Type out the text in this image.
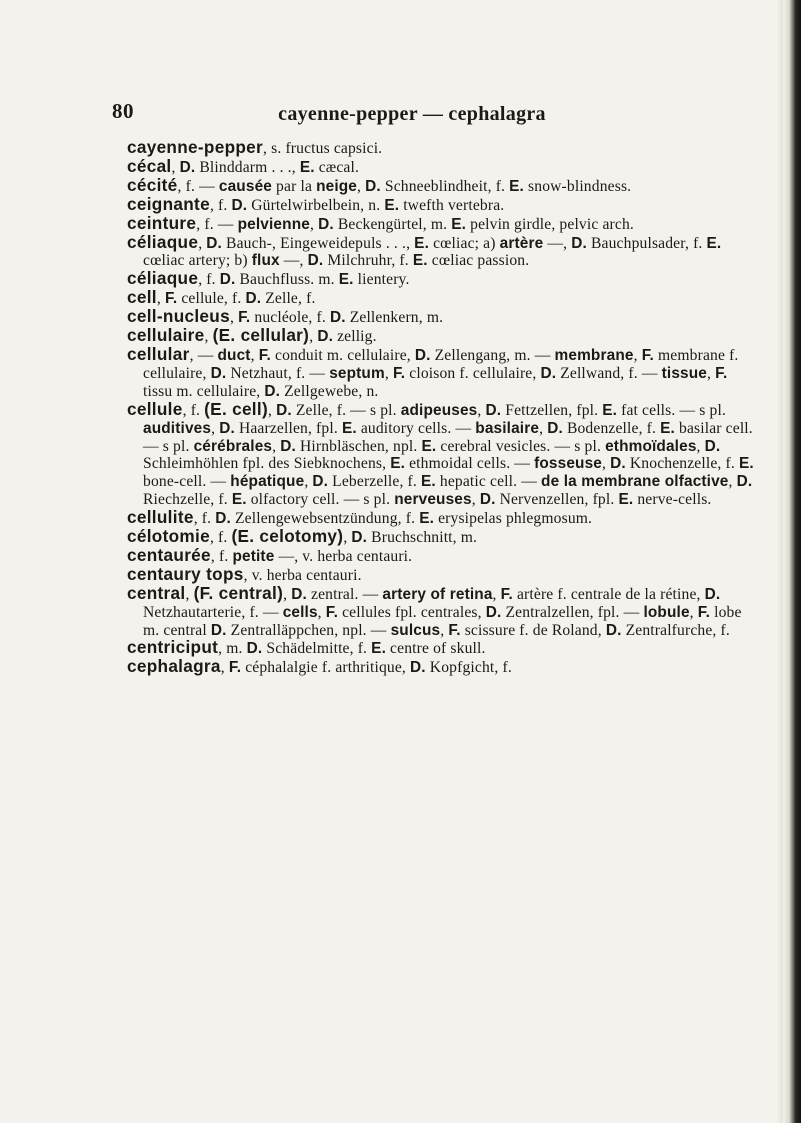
80	cayenne-pepper — cephalagra

cayenne-pepper, s. fructus capsici.

cécal, D. Blinddarm . . ., E. cæcal.

cécité, f. — causée par la neige, D. Schneeblindheit, f. E. snow-blindness.

ceignante, f. D. Gürtelwirbelbein, n. E. twefth vertebra.

ceinture, f. — pelvienne, D. Beckengürtel, m. E. pelvin girdle, pelvic arch.

céliaque, D. Bauch-, Eingeweidepuls . . ., E. cœliac; a) artère —, D. Bauchpulsader, f. E. cœliac artery; b) flux —, D. Milchruhr, f. E. cœliac passion.

céliaque, f. D. Bauchfluss. m. E. lientery.

cell, F. cellule, f. D. Zelle, f.

cell-nucleus, F. nucléole, f. D. Zellenkern, m.

cellulaire, (E. cellular), D. zellig.

cellular, — duct, F. conduit m. cellulaire, D. Zellengang, m. — membrane, F. membrane f. cellulaire, D. Netzhaut, f. — septum, F. cloison f. cellulaire, D. Zellwand, f. — tissue, F. tissu m. cellulaire, D. Zellgewebe, n.

cellule, f. (E. cell), D. Zelle, f. — s pl. adipeuses, D. Fettzellen, fpl. E. fat cells. — s pl. auditives, D. Haarzellen, fpl. E. auditory cells. — basilaire, D. Bodenzelle, f. E. basilar cell. — s pl. cérébrales, D. Hirnbläschen, npl. E. cerebral vesicles. — s pl. ethmoïdales, D. Schleimhöhlen fpl. des Siebknochens, E. ethmoidal cells. — fosseuse, D. Knochenzelle, f. E. bone-cell. — hépatique, D. Leberzelle, f. E. hepatic cell. — de la membrane olfactive, D. Riechzelle, f. E. olfactory cell. — s pl. nerveuses, D. Nervenzellen, fpl. E. nerve-cells.

cellulite, f. D. Zellengewebsentzündung, f. E. erysipelas phlegmosum.

célotomie, f. (E. celotomy), D. Bruchschnitt, m.

centaurée, f. petite —, v. herba centauri.

centaury tops, v. herba centauri.

central, (F. central), D. zentral. — artery of retina, F. artère f. centrale de la rétine, D. Netzhautarterie, f. — cells, F. cellules fpl. centrales, D. Zentralzellen, fpl. — lobule, F. lobe m. central D. Zentralläppchen, npl. — sulcus, F. scissure f. de Roland, D. Zentralfurche, f.

centriciput, m. D. Schädelmitte, f. E. centre of skull.

cephalagra, F. céphalalgie f. arthritique, D. Kopfgicht, f.
